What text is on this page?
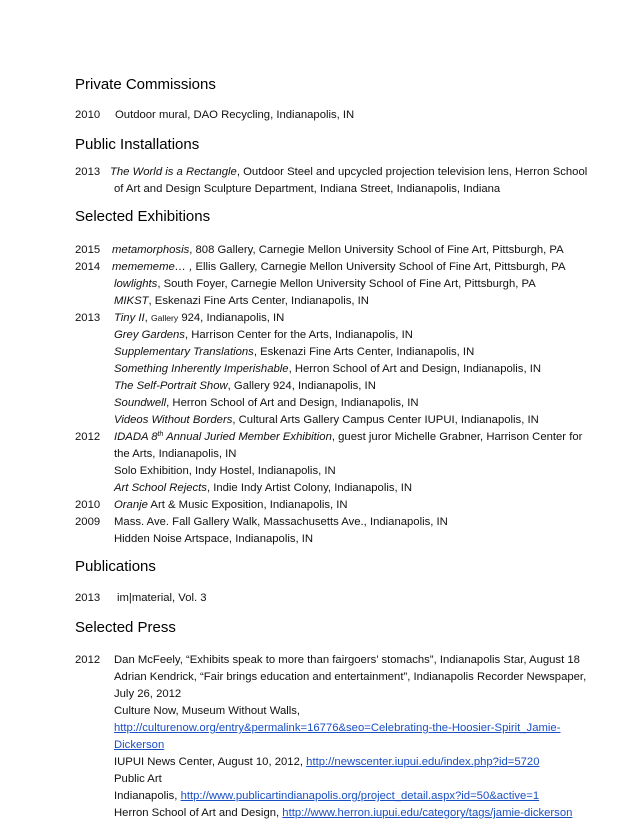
Private Commissions
2010 Outdoor mural, DAO Recycling, Indianapolis, IN
Public Installations
2013 The World is a Rectangle, Outdoor Steel and upcycled projection television lens, Herron School
of Art and Design Sculpture Department, Indiana Street, Indianapolis, Indiana
Selected Exhibitions
2015 metamorphosis, 808 Gallery, Carnegie Mellon University School of Fine Art, Pittsburgh, PA
2014 memememe… , Ellis Gallery, Carnegie Mellon University School of Fine Art, Pittsburgh, PA
lowlights, South Foyer, Carnegie Mellon University School of Fine Art, Pittsburgh, PA
MIKST, Eskenazi Fine Arts Center, Indianapolis, IN
2013 Tiny II, Gallery 924, Indianapolis, IN
Grey Gardens, Harrison Center for the Arts, Indianapolis, IN
Supplementary Translations, Eskenazi Fine Arts Center, Indianapolis, IN
Something Inherently Imperishable, Herron School of Art and Design, Indianapolis, IN
The Self-Portrait Show, Gallery 924, Indianapolis, IN
Soundwell, Herron School of Art and Design, Indianapolis, IN
Videos Without Borders, Cultural Arts Gallery Campus Center IUPUI, Indianapolis, IN
2012 IDADA 8th Annual Juried Member Exhibition, guest juror Michelle Grabner, Harrison Center for
the Arts, Indianapolis, IN
Solo Exhibition, Indy Hostel, Indianapolis, IN
Art School Rejects, Indie Indy Artist Colony, Indianapolis, IN
2010 Oranje Art & Music Exposition, Indianapolis, IN
2009 Mass. Ave. Fall Gallery Walk, Massachusetts Ave., Indianapolis, IN
Hidden Noise Artspace, Indianapolis, IN
Publications
2013 im|material, Vol. 3
Selected Press
2012 Dan McFeely, “Exhibits speak to more than fairgoers’ stomachs”, Indianapolis Star, August 18
Adrian Kendrick, “Fair brings education and entertainment”, Indianapolis Recorder Newspaper,
July 26, 2012
Culture Now, Museum Without Walls,
http://culturenow.org/entry&permalink=16776&seo=Celebrating-the-Hoosier-Spirit_Jamie-
Dickerson
IUPUI News Center, August 10, 2012, http://newscenter.iupui.edu/index.php?id=5720
Public Art
Indianapolis, http://www.publicartindianapolis.org/project_detail.aspx?id=50&active=1
Herron School of Art and Design, http://www.herron.iupui.edu/category/tags/jamie-dickerson
